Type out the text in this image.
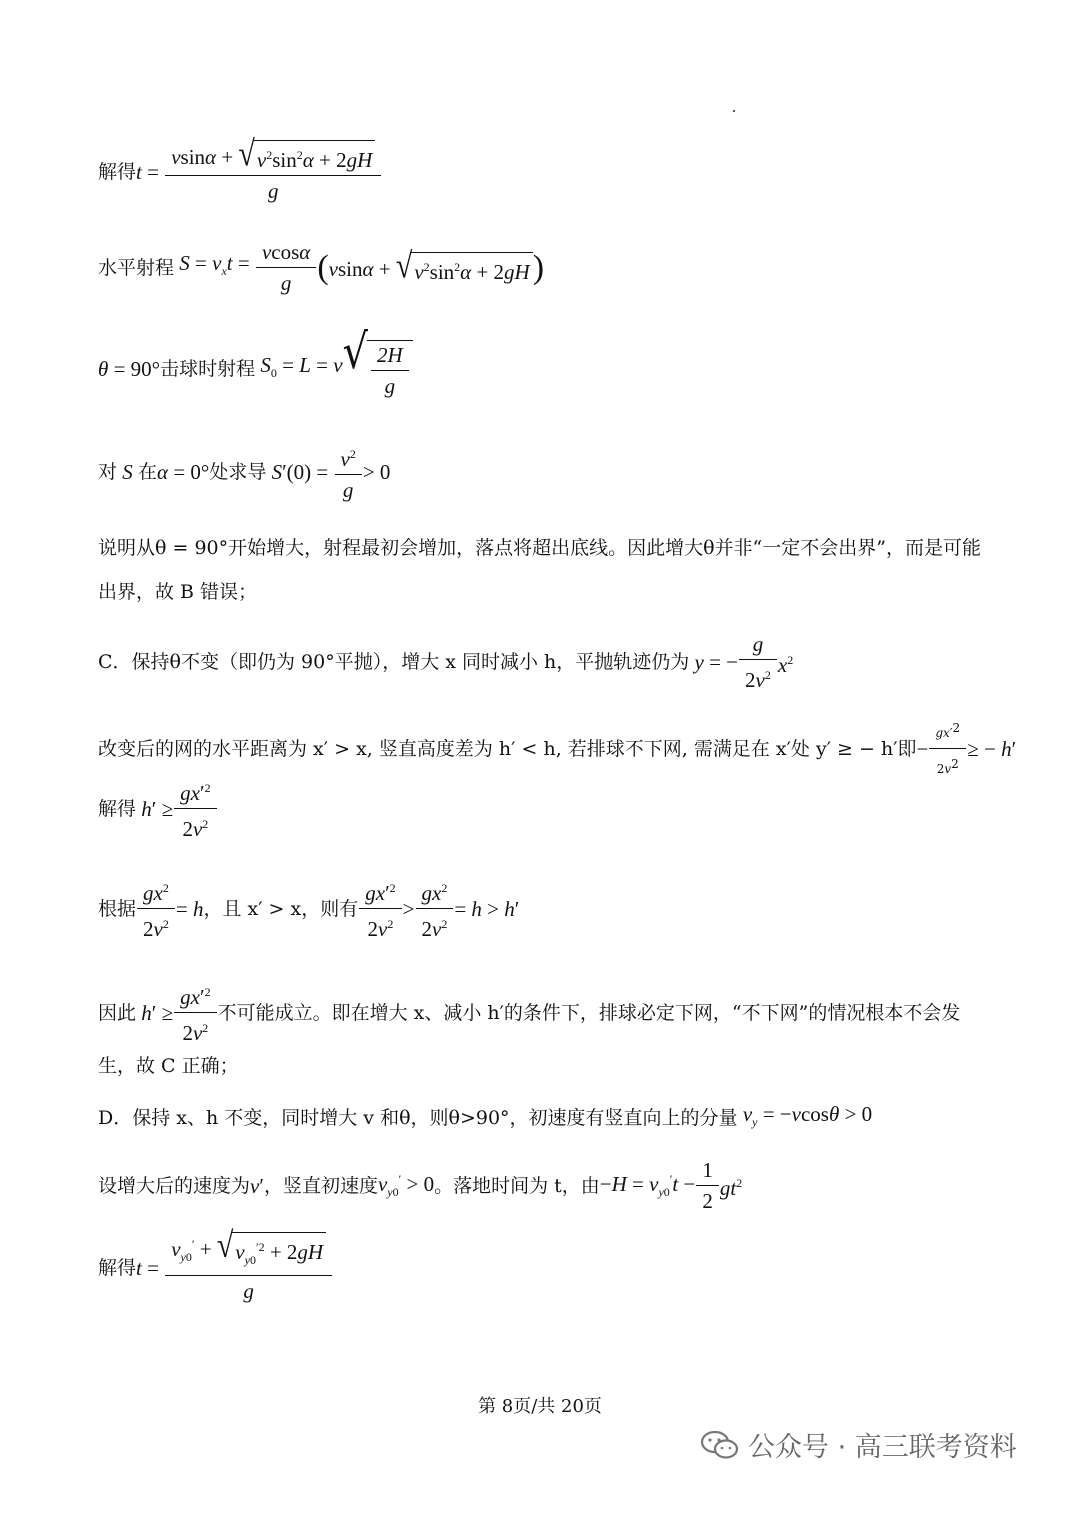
解得 $t = \frac{vsin\alpha + √ v^2\sin^2\alpha + 2gH}{g}$
水平射程 $S = v_xt = \frac{vcos\alpha}{g}$ ( vsinα + √ $v^2\sin^2\alpha + 2gH$ )
θ = 90° 击球时射程 $S_0 = L = v$ √ $\frac{2H}{g}$
对 S 在 α = 0° 处求导 $S'(0) = \frac{v^2}{g} > 0$
说明从θ = 90°开始增大，射程最初会增加，落点将超出底线。因此增大θ并非“一定不会出界”，而是可能
出界，故 B 错误；
C．保持θ不变（即仍为 90°平抛），增大 x 同时减小 h，平抛轨迹仍为 y = − $\frac{g}{2v^2} x^2$
改变后的网的水平距离为 x′ > x, 竖直高度差为 h′ < h, 若排球不下网, 需满足在 x′处 y′ ≥ − h′即 − $\frac{gx'^2}{2v^2}$ ≥ − h′
解得 $h' \ge \frac{gx'^2}{2v^2}$
根据 $\frac{gx^2}{2v^2} = h$ ，且 x′ > x，则有 $\frac{gx'^2}{2v^2} > \frac{gx^2}{2v^2} = h > h'$
因此 $h' \ge \frac{gx'^2}{2v^2}$ 不可能成立。即在增大 x、减小 h′的条件下，排球必定下网，“不下网”的情况根本不会发
生，故 C 正确；
D．保持 x、h 不变，同时增大 v 和θ，则θ>90°，初速度有竖直向上的分量 $v_y = -vcos\theta > 0$
设增大后的速度为 v′ ，竖直初速度 $v_{y0}' > 0$ 。落地时间为 t，由 $-H = v_{y0}'t - \frac{1}{2} gt^2$
解得 $t = \frac{v_{y0}' + √ v_{y0}^{'2} + 2gH}{g}$
第 8页/共 20页
公众号 · 高三联考资料
